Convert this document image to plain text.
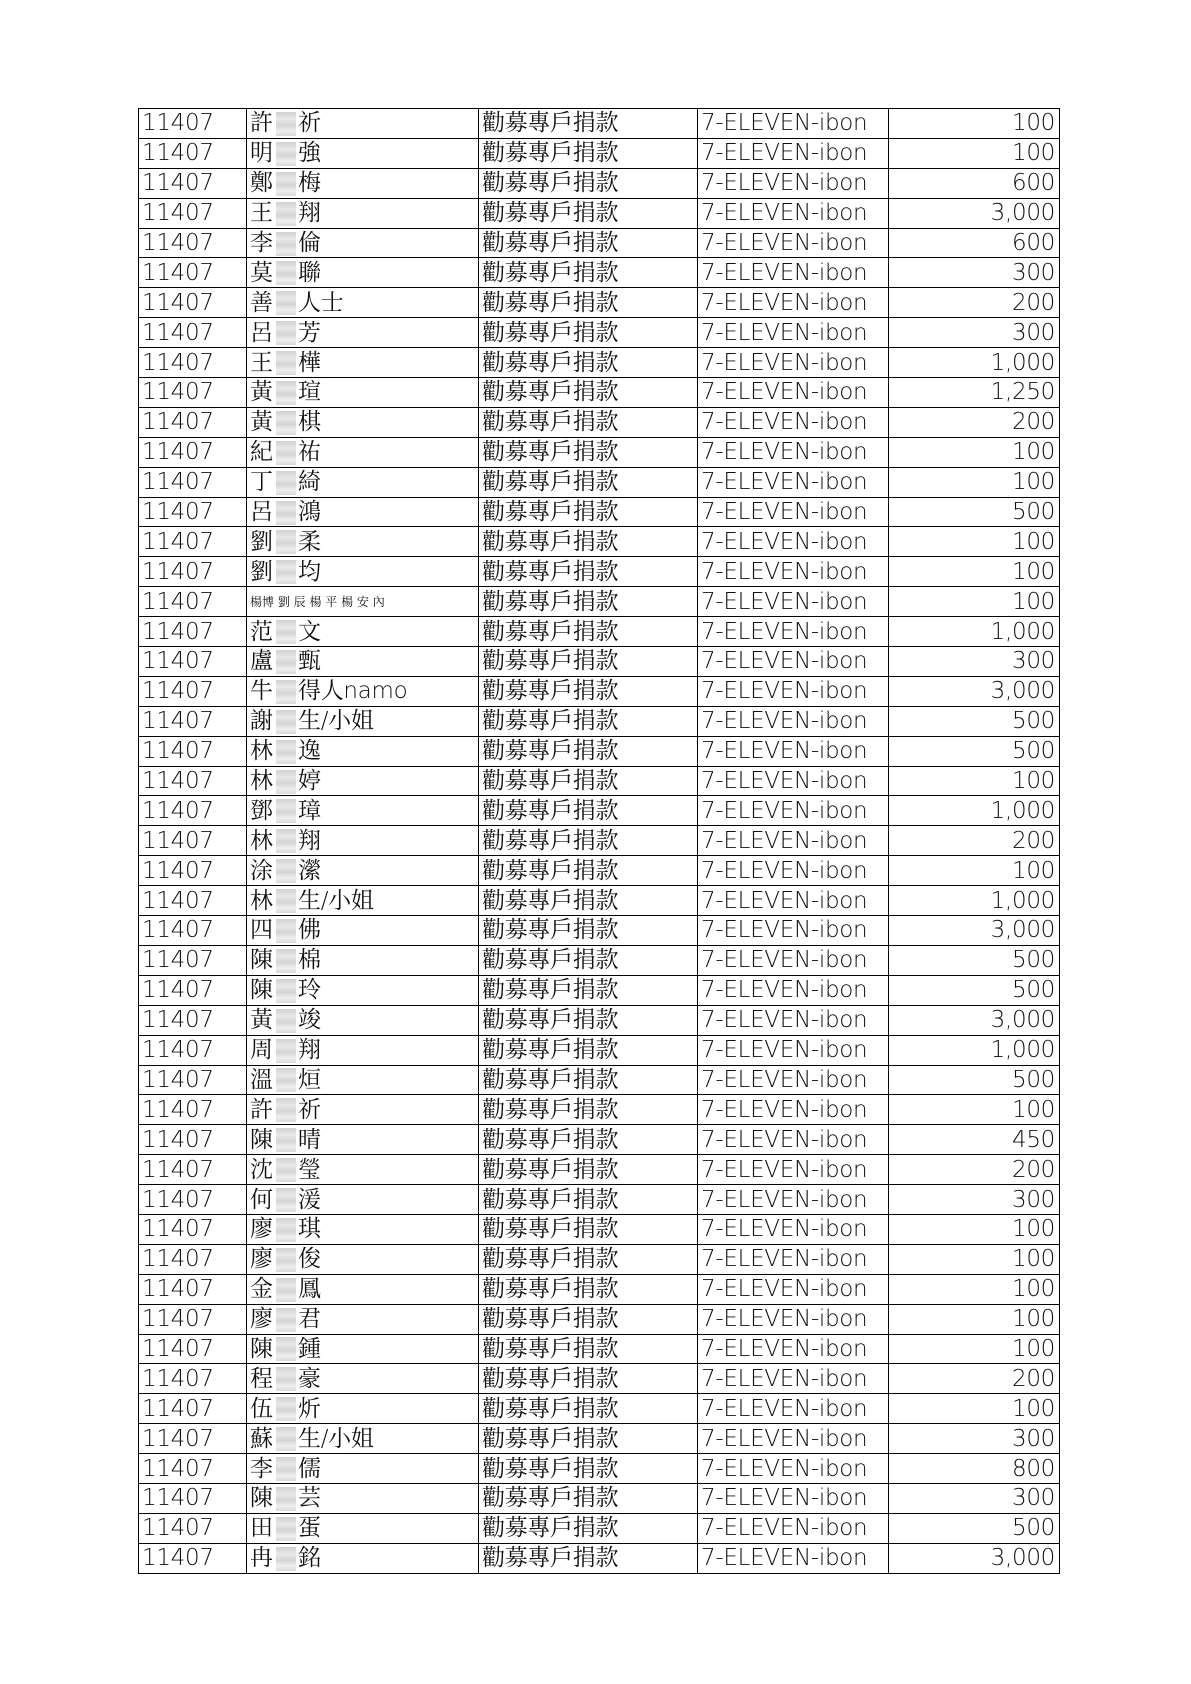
11407	許 祈	勸募專戶捐款	7-ELEVEN-ibon	100
11407	明 強	勸募專戶捐款	7-ELEVEN-ibon	100
11407	鄭 梅	勸募專戶捐款	7-ELEVEN-ibon	600
11407	王 翔	勸募專戶捐款	7-ELEVEN-ibon	3,000
11407	李 倫	勸募專戶捐款	7-ELEVEN-ibon	600
11407	莫 聯	勸募專戶捐款	7-ELEVEN-ibon	300
11407	善 人士	勸募專戶捐款	7-ELEVEN-ibon	200
11407	呂 芳	勸募專戶捐款	7-ELEVEN-ibon	300
11407	王 樺	勸募專戶捐款	7-ELEVEN-ibon	1,000
11407	黃 瑄	勸募專戶捐款	7-ELEVEN-ibon	1,250
11407	黃 棋	勸募專戶捐款	7-ELEVEN-ibon	200
11407	紀 祐	勸募專戶捐款	7-ELEVEN-ibon	100
11407	丁 綺	勸募專戶捐款	7-ELEVEN-ibon	100
11407	呂 鴻	勸募專戶捐款	7-ELEVEN-ibon	500
11407	劉 柔	勸募專戶捐款	7-ELEVEN-ibon	100
11407	劉 均	勸募專戶捐款	7-ELEVEN-ibon	100
11407	楊博 劉 辰 楊 平 楊 安 內	勸募專戶捐款	7-ELEVEN-ibon	100
11407	范 文	勸募專戶捐款	7-ELEVEN-ibon	1,000
11407	盧 甄	勸募專戶捐款	7-ELEVEN-ibon	300
11407	牛 得人namo	勸募專戶捐款	7-ELEVEN-ibon	3,000
11407	謝 生/小姐	勸募專戶捐款	7-ELEVEN-ibon	500
11407	林 逸	勸募專戶捐款	7-ELEVEN-ibon	500
11407	林 婷	勸募專戶捐款	7-ELEVEN-ibon	100
11407	鄧 璋	勸募專戶捐款	7-ELEVEN-ibon	1,000
11407	林 翔	勸募專戶捐款	7-ELEVEN-ibon	200
11407	涂 瀠	勸募專戶捐款	7-ELEVEN-ibon	100
11407	林 生/小姐	勸募專戶捐款	7-ELEVEN-ibon	1,000
11407	四 佛	勸募專戶捐款	7-ELEVEN-ibon	3,000
11407	陳 棉	勸募專戶捐款	7-ELEVEN-ibon	500
11407	陳 玲	勸募專戶捐款	7-ELEVEN-ibon	500
11407	黃 竣	勸募專戶捐款	7-ELEVEN-ibon	3,000
11407	周 翔	勸募專戶捐款	7-ELEVEN-ibon	1,000
11407	溫 烜	勸募專戶捐款	7-ELEVEN-ibon	500
11407	許 祈	勸募專戶捐款	7-ELEVEN-ibon	100
11407	陳 晴	勸募專戶捐款	7-ELEVEN-ibon	450
11407	沈 瑩	勸募專戶捐款	7-ELEVEN-ibon	200
11407	何 湲	勸募專戶捐款	7-ELEVEN-ibon	300
11407	廖 琪	勸募專戶捐款	7-ELEVEN-ibon	100
11407	廖 俊	勸募專戶捐款	7-ELEVEN-ibon	100
11407	金 鳳	勸募專戶捐款	7-ELEVEN-ibon	100
11407	廖 君	勸募專戶捐款	7-ELEVEN-ibon	100
11407	陳 鍾	勸募專戶捐款	7-ELEVEN-ibon	100
11407	程 豪	勸募專戶捐款	7-ELEVEN-ibon	200
11407	伍 炘	勸募專戶捐款	7-ELEVEN-ibon	100
11407	蘇 生/小姐	勸募專戶捐款	7-ELEVEN-ibon	300
11407	李 儒	勸募專戶捐款	7-ELEVEN-ibon	800
11407	陳 芸	勸募專戶捐款	7-ELEVEN-ibon	300
11407	田 蛋	勸募專戶捐款	7-ELEVEN-ibon	500
11407	冉 銘	勸募專戶捐款	7-ELEVEN-ibon	3,000
